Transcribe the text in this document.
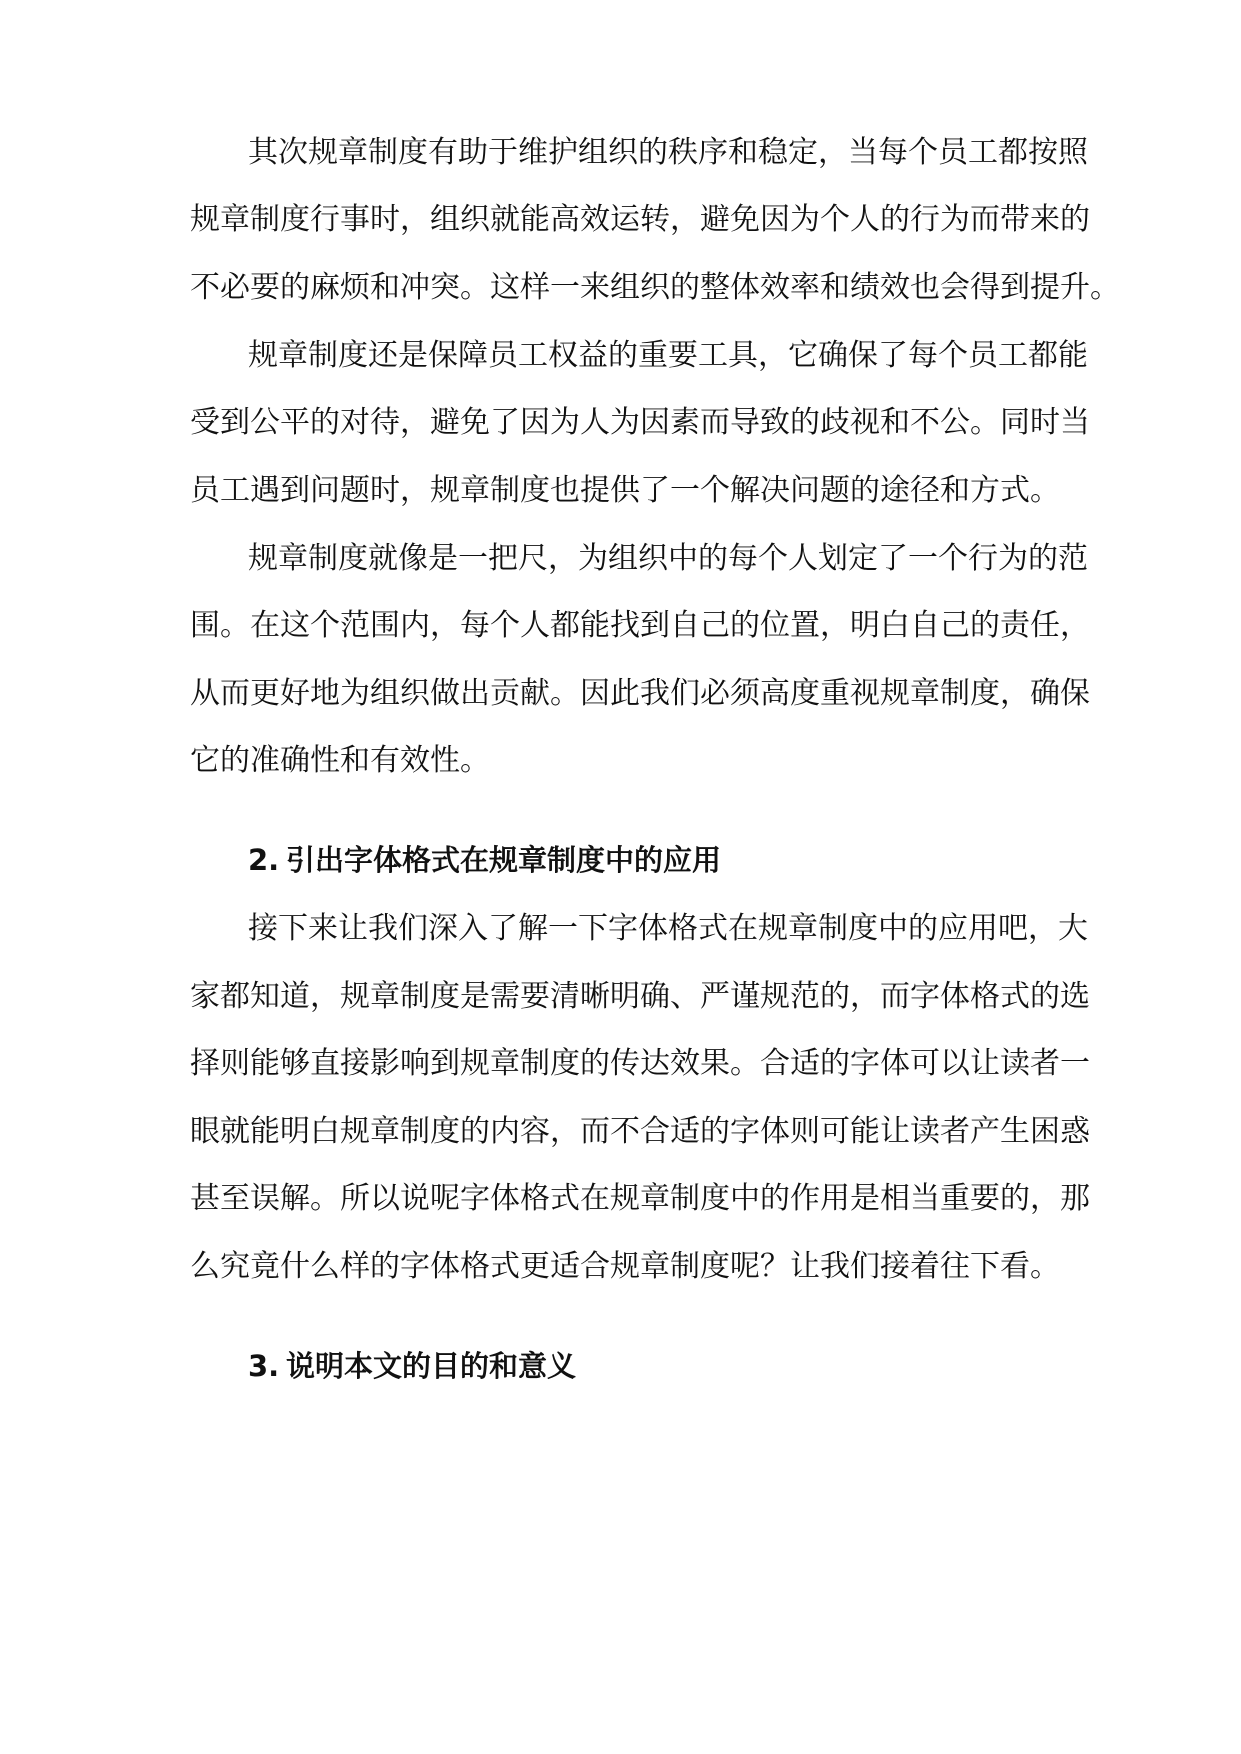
其次规章制度有助于维护组织的秩序和稳定，当每个员工都按照
规章制度行事时，组织就能高效运转，避免因为个人的行为而带来的
不必要的麻烦和冲突。这样一来组织的整体效率和绩效也会得到提升。
规章制度还是保障员工权益的重要工具，它确保了每个员工都能
受到公平的对待，避免了因为人为因素而导致的歧视和不公。同时当
员工遇到问题时，规章制度也提供了一个解决问题的途径和方式。
规章制度就像是一把尺，为组织中的每个人划定了一个行为的范
围。在这个范围内，每个人都能找到自己的位置，明白自己的责任，
从而更好地为组织做出贡献。因此我们必须高度重视规章制度，确保
它的准确性和有效性。
2. 引出字体格式在规章制度中的应用
接下来让我们深入了解一下字体格式在规章制度中的应用吧，大
家都知道，规章制度是需要清晰明确、严谨规范的，而字体格式的选
择则能够直接影响到规章制度的传达效果。合适的字体可以让读者一
眼就能明白规章制度的内容，而不合适的字体则可能让读者产生困惑
甚至误解。所以说呢字体格式在规章制度中的作用是相当重要的，那
么究竟什么样的字体格式更适合规章制度呢？让我们接着往下看。
3. 说明本文的目的和意义
